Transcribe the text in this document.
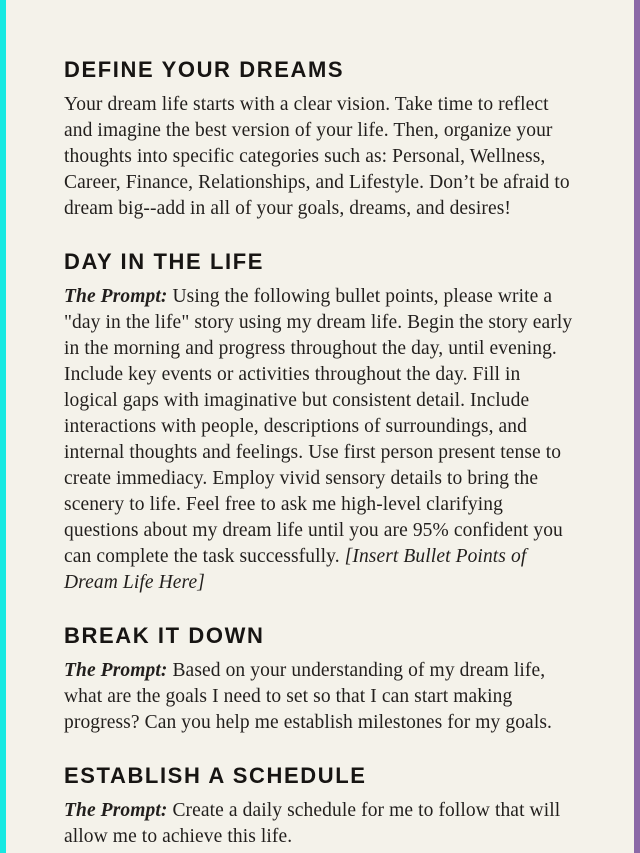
DEFINE YOUR DREAMS

Your dream life starts with a clear vision. Take time to reflect and imagine the best version of your life. Then, organize your thoughts into specific categories such as: Personal, Wellness, Career, Finance, Relationships, and Lifestyle. Don’t be afraid to dream big--add in all of your goals, dreams, and desires!

DAY IN THE LIFE

The Prompt: Using the following bullet points, please write a "day in the life" story using my dream life. Begin the story early in the morning and progress throughout the day, until evening. Include key events or activities throughout the day. Fill in logical gaps with imaginative but consistent detail. Include interactions with people, descriptions of surroundings, and internal thoughts and feelings. Use first person present tense to create immediacy. Employ vivid sensory details to bring the scenery to life. Feel free to ask me high-level clarifying questions about my dream life until you are 95% confident you can complete the task successfully. [Insert Bullet Points of Dream Life Here]

BREAK IT DOWN

The Prompt: Based on your understanding of my dream life, what are the goals I need to set so that I can start making progress? Can you help me establish milestones for my goals.

ESTABLISH A SCHEDULE

The Prompt: Create a daily schedule for me to follow that will allow me to achieve this life.
